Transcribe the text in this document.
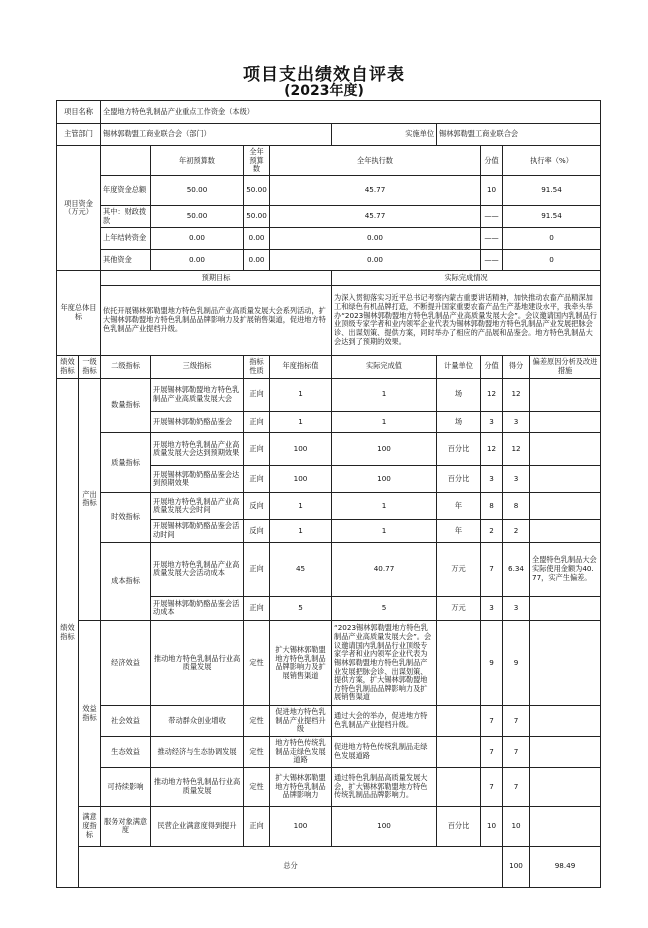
项目支出绩效自评表
(2023年度)
项目名称		全盟地方特色乳制品产业重点工作资金（本级）									
主管部门		锡林郭勒盟工商业联合会（部门）				实施单位	锡林郭勒盟工商业联合会				
项目资金（万元）			年初预算数	全年预算数	全年执行数			分值	执行率（%）	
		年度资金总额	50.00	50.00	45.77			10	91.54	
		其中：财政拨款	50.00	50.00	45.77			——	91.54	
		上年结转资金	0.00	0.00	0.00			——	0	
		其他资金	0.00	0.00	0.00			——	0	
年度总体目标		预期目标				实际完成情况					
		依托开展锡林郭勒盟地方特色乳制品产业高质量发展大会系列活动，扩大锡林郭勒盟地方特色乳制品品牌影响力及扩展销售渠道，促进地方特色乳制品产业提档升级。				为深入贯彻落实习近平总书记考察内蒙古重要讲话精神，加快推动农畜产品精深加工和绿色有机品牌打造，不断提升国家重要农畜产品生产基地建设水平，我牵头举办“2023锡林郭勒盟地方特色乳制品产业高质量发展大会”。会议邀请国内乳制品行业顶级专家学者和业内领军企业代表为锡林郭勒盟地方特色乳制品产业发展把脉会诊、出谋划策、提供方案，同时举办了相应的产品展和品鉴会。地方特色乳制品大会达到了预期的效果。					
绩效指标	一级指标	二级指标	三级指标	指标性质	年度指标值	实际完成值	计量单位	分值	得分	偏差原因分析及改进措施	
绩效指标	产出指标	数量指标	开展锡林郭勒盟地方特色乳制品产业高质量发展大会	正向	1	1	场	12	12		
			开展锡林郭勒奶酪品鉴会	正向	1	1	场	3	3		
		质量指标	开展地方特色乳制品产业高质量发展大会达到预期效果	正向	100	100	百分比	12	12		
			开展锡林郭勒奶酪品鉴会达到预期效果	正向	100	100	百分比	3	3		
		时效指标	开展地方特色乳制品产业高质量发展大会时间	反向	1	1	年	8	8		
			开展锡林郭勒奶酪品鉴会活动时间	反向	1	1	年	2	2		
		成本指标	开展地方特色乳制品产业高质量发展大会活动成本	正向	45	40.77	万元	7	6.34	全盟特色乳制品大会实际使用金额为40.77，实产生偏差。	
			开展锡林郭勒奶酪品鉴会活动成本	正向	5	5	万元	3	3		
	效益指标	经济效益	推动地方特色乳制品行业高质量发展	定性	扩大锡林郭勒盟地方特色乳制品品牌影响力及扩展销售渠道	“2023锡林郭勒盟地方特色乳制品产业高质量发展大会”。会议邀请国内乳制品行业顶级专家学者和业内领军企业代表为锡林郭勒盟地方特色乳制品产业发展把脉会诊、出谋划策、提供方案，扩大锡林郭勒盟地方特色乳制品品牌影响力及扩展销售渠道		9	9		
		社会效益	带动群众创业增收	定性	促进地方特色乳制品产业提档升级	通过大会的举办，促进地方特色乳制品产业提档升级。		7	7		
		生态效益	推动经济与生态协调发展	定性	地方特色传统乳制品走绿色发展道路	促进地方特色传统乳制品走绿色发展道路		7	7		
		可持续影响	推动地方特色乳制品行业高质量发展	定性	扩大锡林郭勒盟地方特色乳制品品牌影响力	通过特色乳制品高质量发展大会，扩大锡林郭勒盟地方特色传统乳制品品牌影响力。		7	7		
	满意度指标	服务对象满意度	民营企业满意度得到提升	正向	100	100	百分比	10	10		
	总分								100	98.49	
